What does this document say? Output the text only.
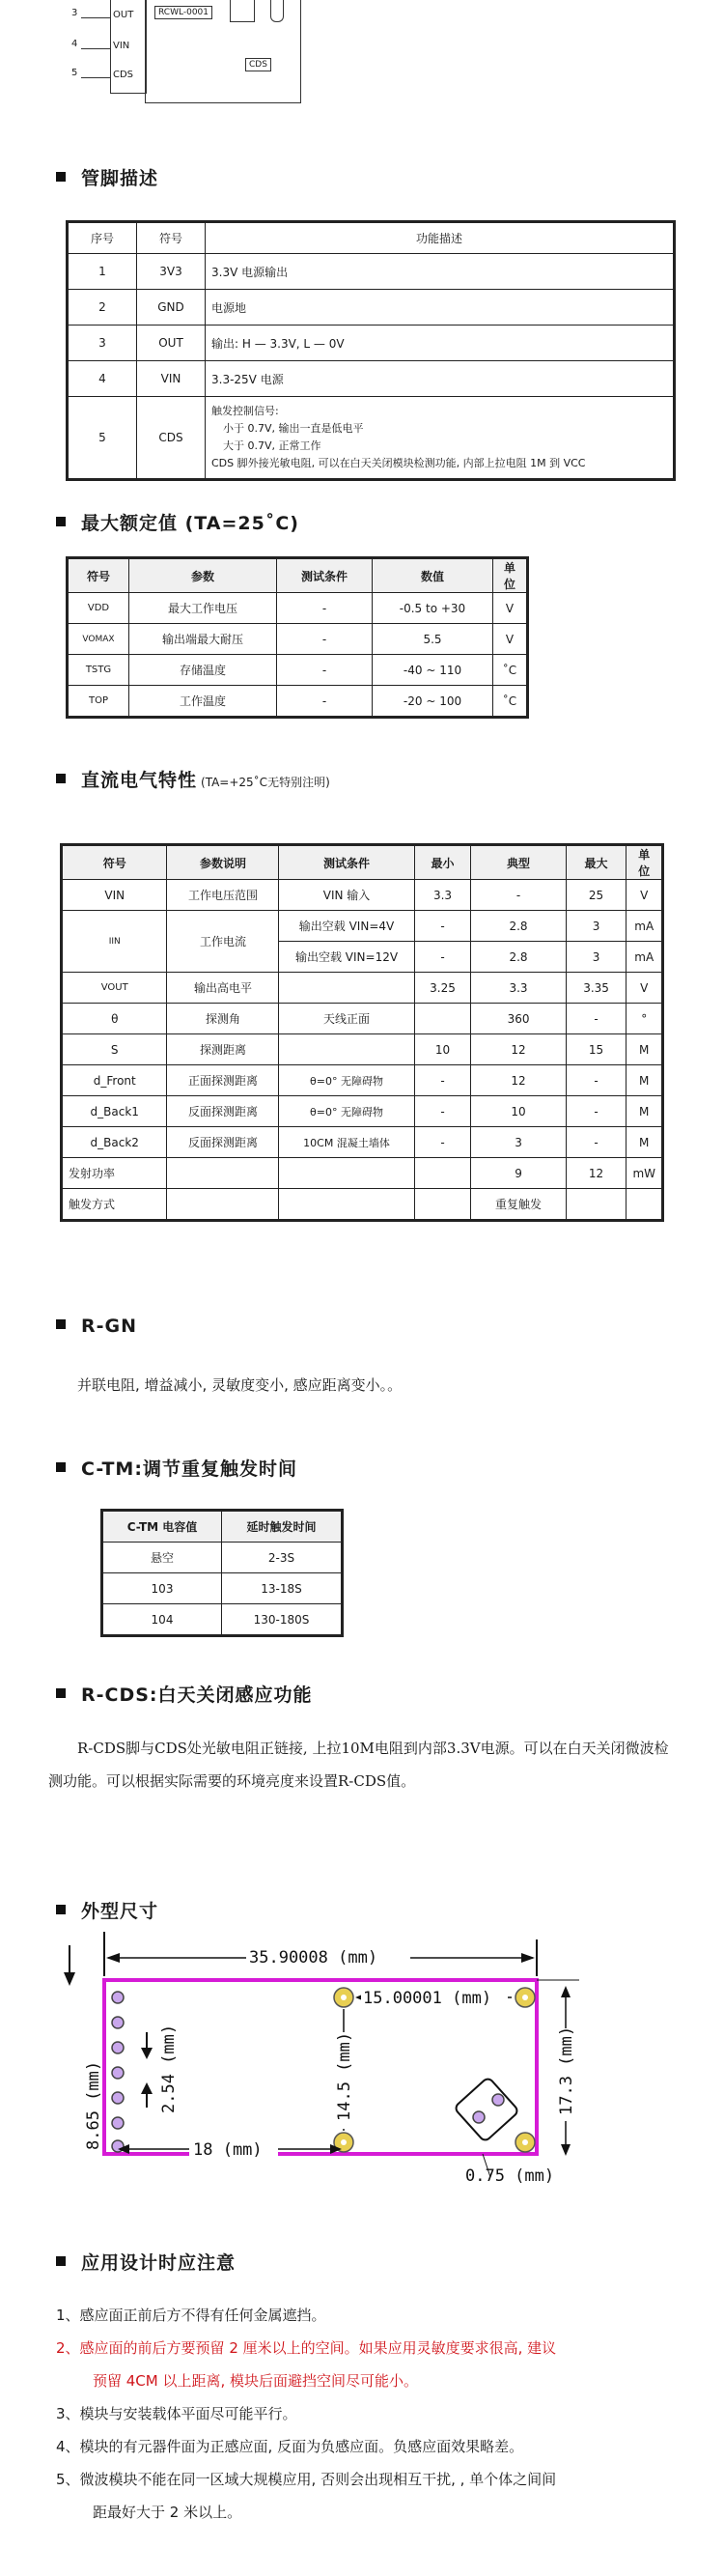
3
4
5
OUT
VIN
CDS
RCWL-0001
CDS
管脚描述
序号	符号	功能描述
1	3V3	3.3V 电源输出
2	GND	电源地
3	OUT	输出: H — 3.3V, L — 0V
4	VIN	3.3-25V 电源
5	CDS	触发控制信号:
小于 0.7V, 输出一直是低电平
大于 0.7V, 正常工作
CDS 脚外接光敏电阻, 可以在白天关闭模块检测功能, 内部上拉电阻 1M 到 VCC
最大额定值 (TA=25˚C)
符号	参数	测试条件	数值	单位
VDD	最大工作电压	-	-0.5 to +30	V
VOMAX	输出端最大耐压	-	5.5	V
TSTG	存储温度	-	-40 ~ 110	˚C
TOP	工作温度	-	-20 ~ 100	˚C
直流电气特性 (TA=+25˚C无特别注明)
符号	参数说明	测试条件	最小	典型	最大	单位
VIN	工作电压范围	VIN 输入	3.3	-	25	V
IIN	工作电流	输出空载 VIN=4V	-	2.8	3	mA
		输出空载 VIN=12V	-	2.8	3	mA
VOUT	输出高电平		3.25	3.3	3.35	V
θ	探测角	天线正面		360	-	°
S	探测距离		10	12	15	M
d_Front	正面探测距离	θ=0° 无障碍物	-	12	-	M
d_Back1	反面探测距离	θ=0° 无障碍物	-	10	-	M
d_Back2	反面探测距离	10CM 混凝土墙体	-	3	-	M
发射功率				9	12	mW
触发方式				重复触发		
R-GN
并联电阻, 增益减小, 灵敏度变小, 感应距离变小。。
C-TM:调节重复触发时间
C-TM 电容值	延时触发时间
悬空	2-3S
103	13-18S
104	130-180S
R-CDS:白天关闭感应功能
R-CDS脚与CDS处光敏电阻正链接, 上拉10M电阻到内部3.3V电源。可以在白天关闭微波检
测功能。可以根据实际需要的环境亮度来设置R-CDS值。
外型尺寸
35.90008 (mm)
8.65 (mm)	2.54 (mm)
15.00001 (mm)
14.5 (mm)	17.3 (mm)
18 (mm)
0.75 (mm)
应用设计时应注意
1、感应面正前后方不得有任何金属遮挡。
2、感应面的前后方要预留 2 厘米以上的空间。如果应用灵敏度要求很高, 建议
预留 4CM 以上距离, 模块后面避挡空间尽可能小。
3、模块与安装载体平面尽可能平行。
4、模块的有元器件面为正感应面, 反面为负感应面。负感应面效果略差。
5、微波模块不能在同一区域大规模应用, 否则会出现相互干扰, , 单个体之间间
距最好大于 2 米以上。
